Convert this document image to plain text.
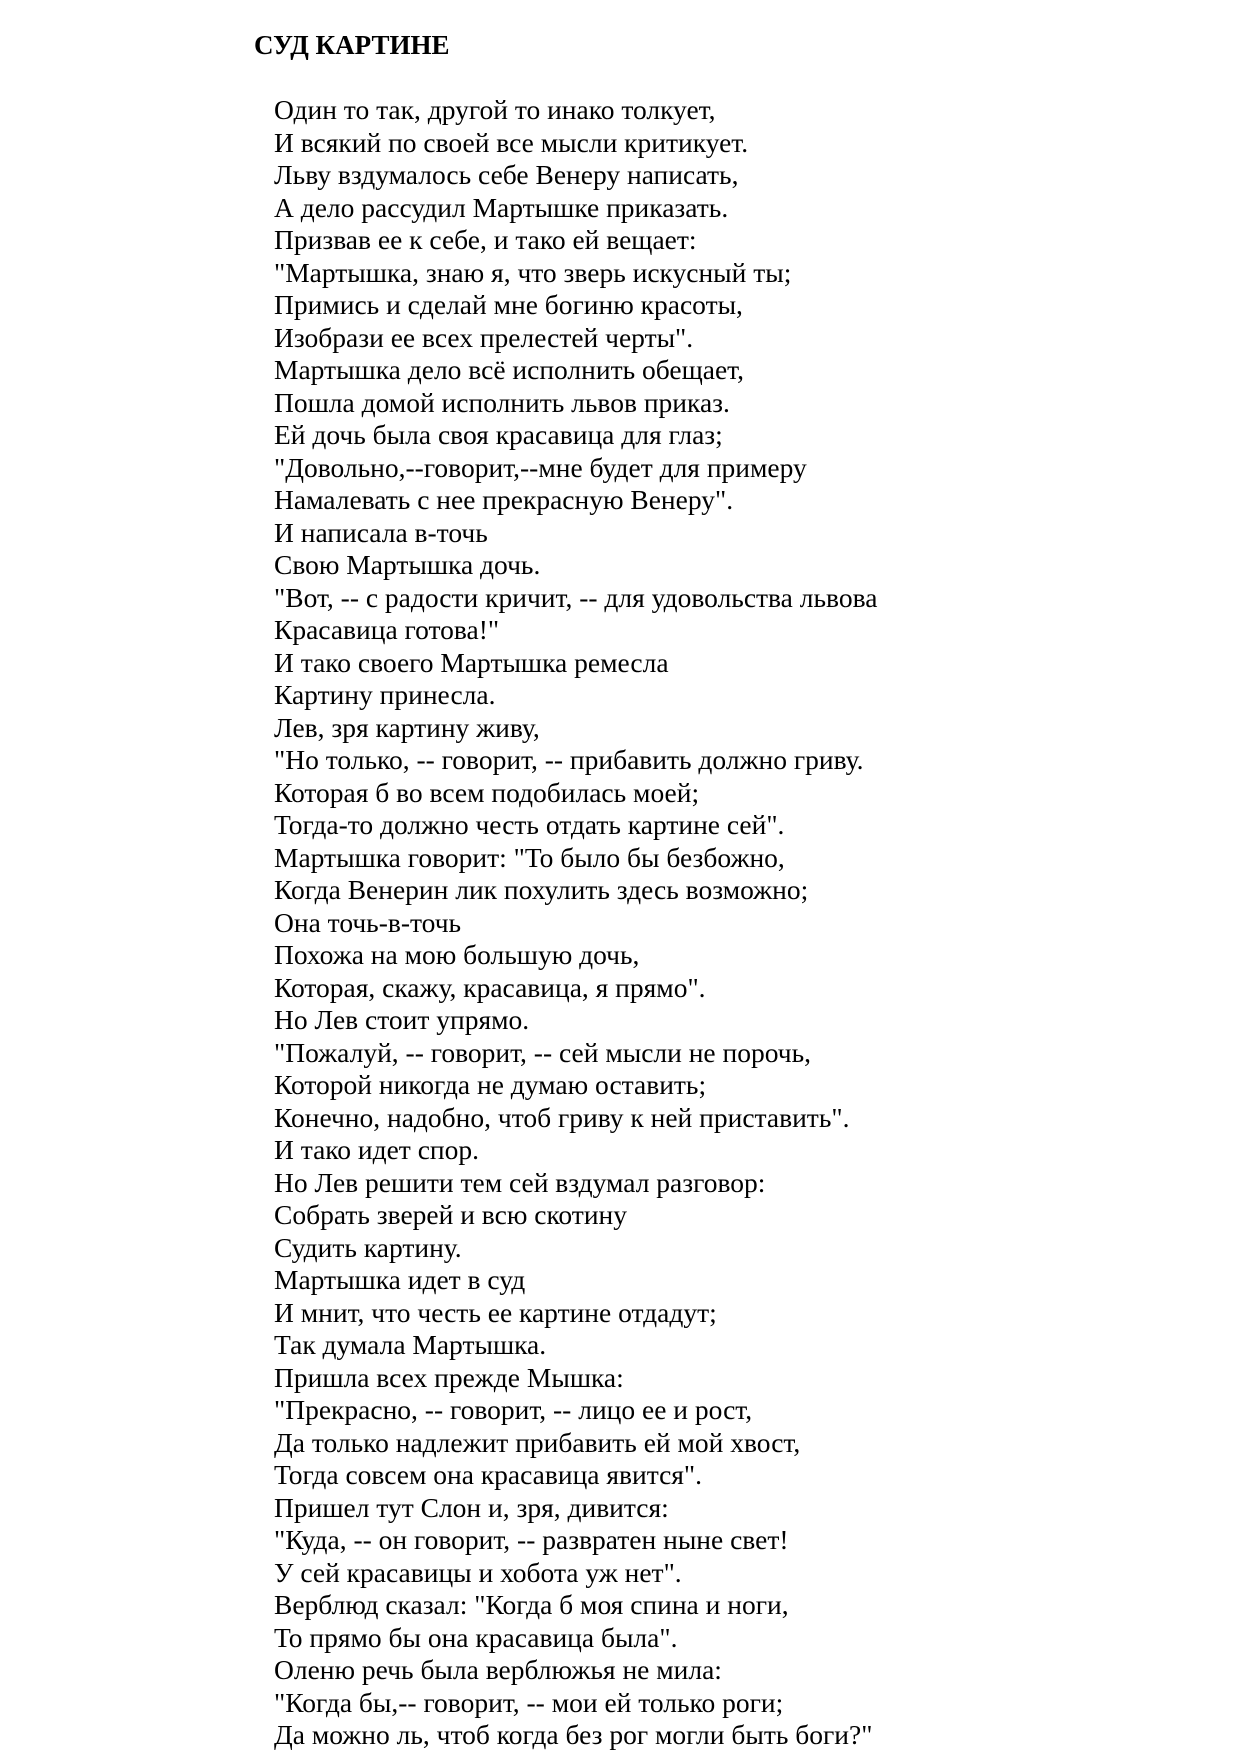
СУД КАРТИНЕ
Один то так, другой то инако толкует,
И всякий по своей все мысли критикует.
Льву вздумалось себе Венеру написать,
А дело рассудил Мартышке приказать.
Призвав ее к себе, и тако ей вещает:
"Мартышка, знаю я, что зверь искусный ты;
Примись и сделай мне богиню красоты,
Изобрази ее всех прелестей черты".
Мартышка дело всё исполнить обещает,
Пошла домой исполнить львов приказ.
Ей дочь была своя красавица для глаз;
"Довольно,--говорит,--мне будет для примеру
Намалевать с нее прекрасную Венеру".
И написала в-точь
Свою Мартышка дочь.
"Вот, -- с радости кричит, -- для удовольства львова
Красавица готова!"
И тако своего Мартышка ремесла
Картину принесла.
Лев, зря картину живу,
"Но только, -- говорит, -- прибавить должно гриву.
Которая б во всем подобилась моей;
Тогда-то должно честь отдать картине сей".
Мартышка говорит: "То было бы безбожно,
Когда Венерин лик похулить здесь возможно;
Она точь-в-точь
Похожа на мою большую дочь,
Которая, скажу, красавица, я прямо".
Но Лев стоит упрямо.
"Пожалуй, -- говорит, -- сей мысли не порочь,
Которой никогда не думаю оставить;
Конечно, надобно, чтоб гриву к ней приставить".
И тако идет спор.
Но Лев решити тем сей вздумал разговор:
Собрать зверей и всю скотину
Судить картину.
Мартышка идет в суд
И мнит, что честь ее картине отдадут;
Так думала Мартышка.
Пришла всех прежде Мышка:
"Прекрасно, -- говорит, -- лицо ее и рост,
Да только надлежит прибавить ей мой хвост,
Тогда совсем она красавица явится".
Пришел тут Слон и, зря, дивится:
"Куда, -- он говорит, -- развратен ныне свет!
У сей красавицы и хобота уж нет".
Верблюд сказал: "Когда б моя спина и ноги,
То прямо бы она красавица была".
Оленю речь была верблюжья не мила:
"Когда бы,-- говорит, -- мои ей только роги;
Да можно ль, чтоб когда без рог могли быть боги?"
